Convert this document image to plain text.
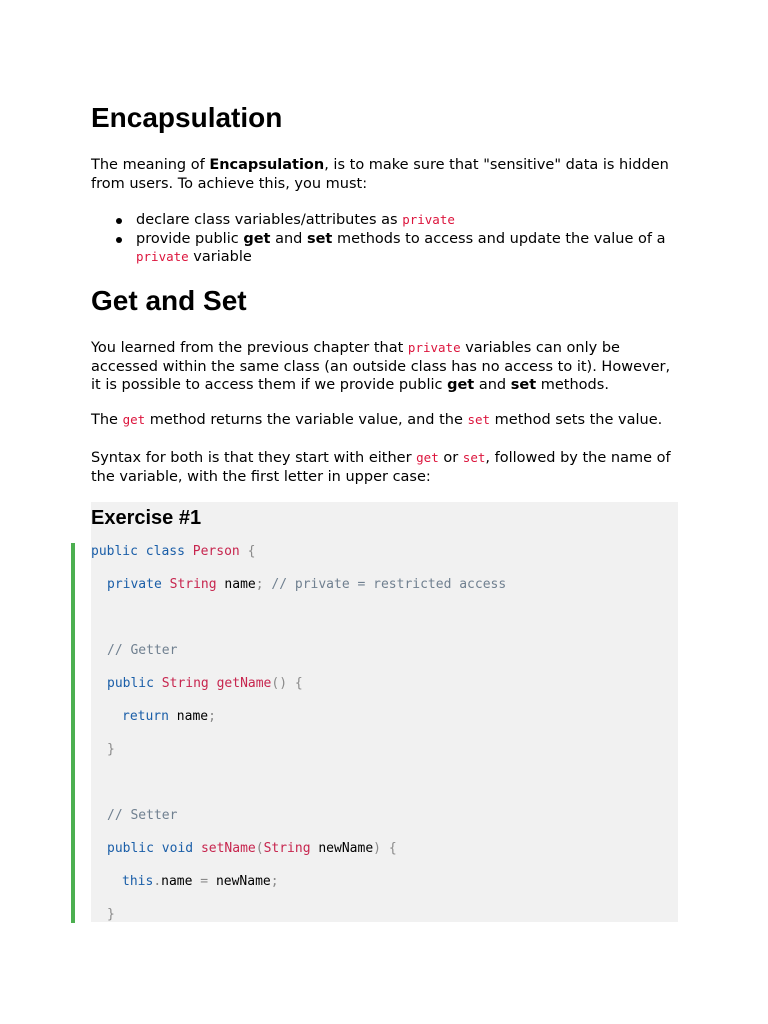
Encapsulation

The meaning of Encapsulation, is to make sure that "sensitive" data is hidden from users. To achieve this, you must:

declare class variables/attributes as private
provide public get and set methods to access and update the value of a private variable
Get and Set

You learned from the previous chapter that private variables can only be accessed within the same class (an outside class has no access to it). However, it is possible to access them if we provide public get and set methods.

The get method returns the variable value, and the set method sets the value.

Syntax for both is that they start with either get or set, followed by the name of the variable, with the first letter in upper case:

Exercise #1
public class Person {
private String name; // private = restricted access
// Getter
public String getName() {
return name;
}
// Setter
public void setName(String newName) {
this.name = newName;
}
